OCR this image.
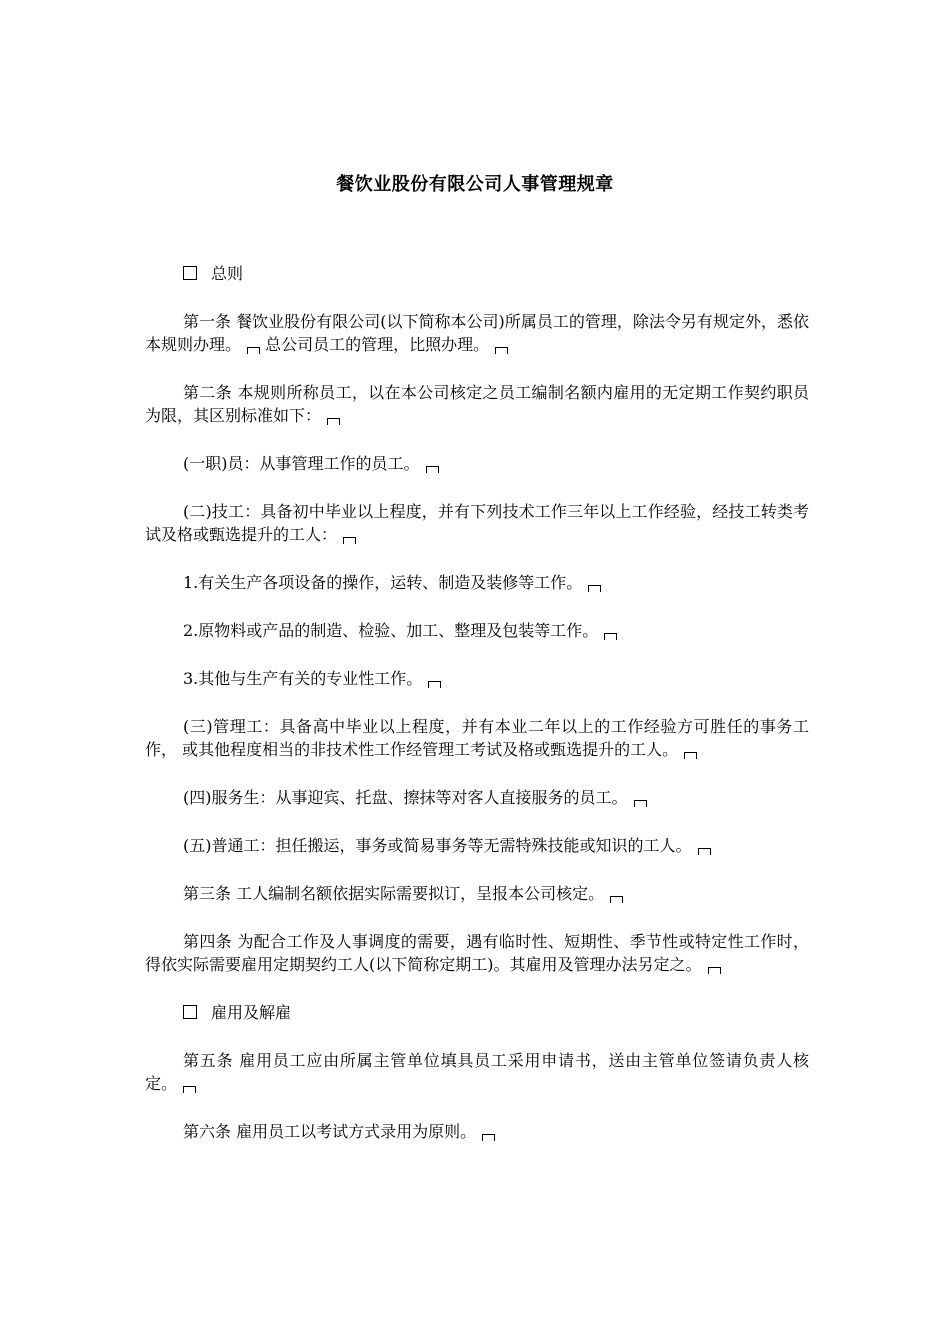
餐饮业股份有限公司人事管理规章
总则

第一条 餐饮业股份有限公司(以下简称本公司)所属员工的管理，除法令另有规定外，悉依本规则办理。 总公司员工的管理，比照办理。

第二条 本规则所称员工，以在本公司核定之员工编制名额内雇用的无定期工作契约职员为限，其区别标准如下：

(一职)员：从事管理工作的员工。

(二)技工：具备初中毕业以上程度，并有下列技术工作三年以上工作经验，经技工转类考试及格或甄选提升的工人：

1.有关生产各项设备的操作，运转、制造及装修等工作。

2.原物料或产品的制造、检验、加工、整理及包装等工作。

3.其他与生产有关的专业性工作。

(三)管理工：具备高中毕业以上程度，并有本业二年以上的工作经验方可胜任的事务工作， 或其他程度相当的非技术性工作经管理工考试及格或甄选提升的工人。

(四)服务生：从事迎宾、托盘、擦抹等对客人直接服务的员工。

(五)普通工：担任搬运，事务或简易事务等无需特殊技能或知识的工人。

第三条 工人编制名额依据实际需要拟订，呈报本公司核定。

第四条 为配合工作及人事调度的需要，遇有临时性、短期性、季节性或特定性工作时，得依实际需要雇用定期契约工人(以下简称定期工)。其雇用及管理办法另定之。

雇用及解雇

第五条 雇用员工应由所属主管单位填具员工采用申请书，送由主管单位签请负责人核定。

第六条 雇用员工以考试方式录用为原则。
